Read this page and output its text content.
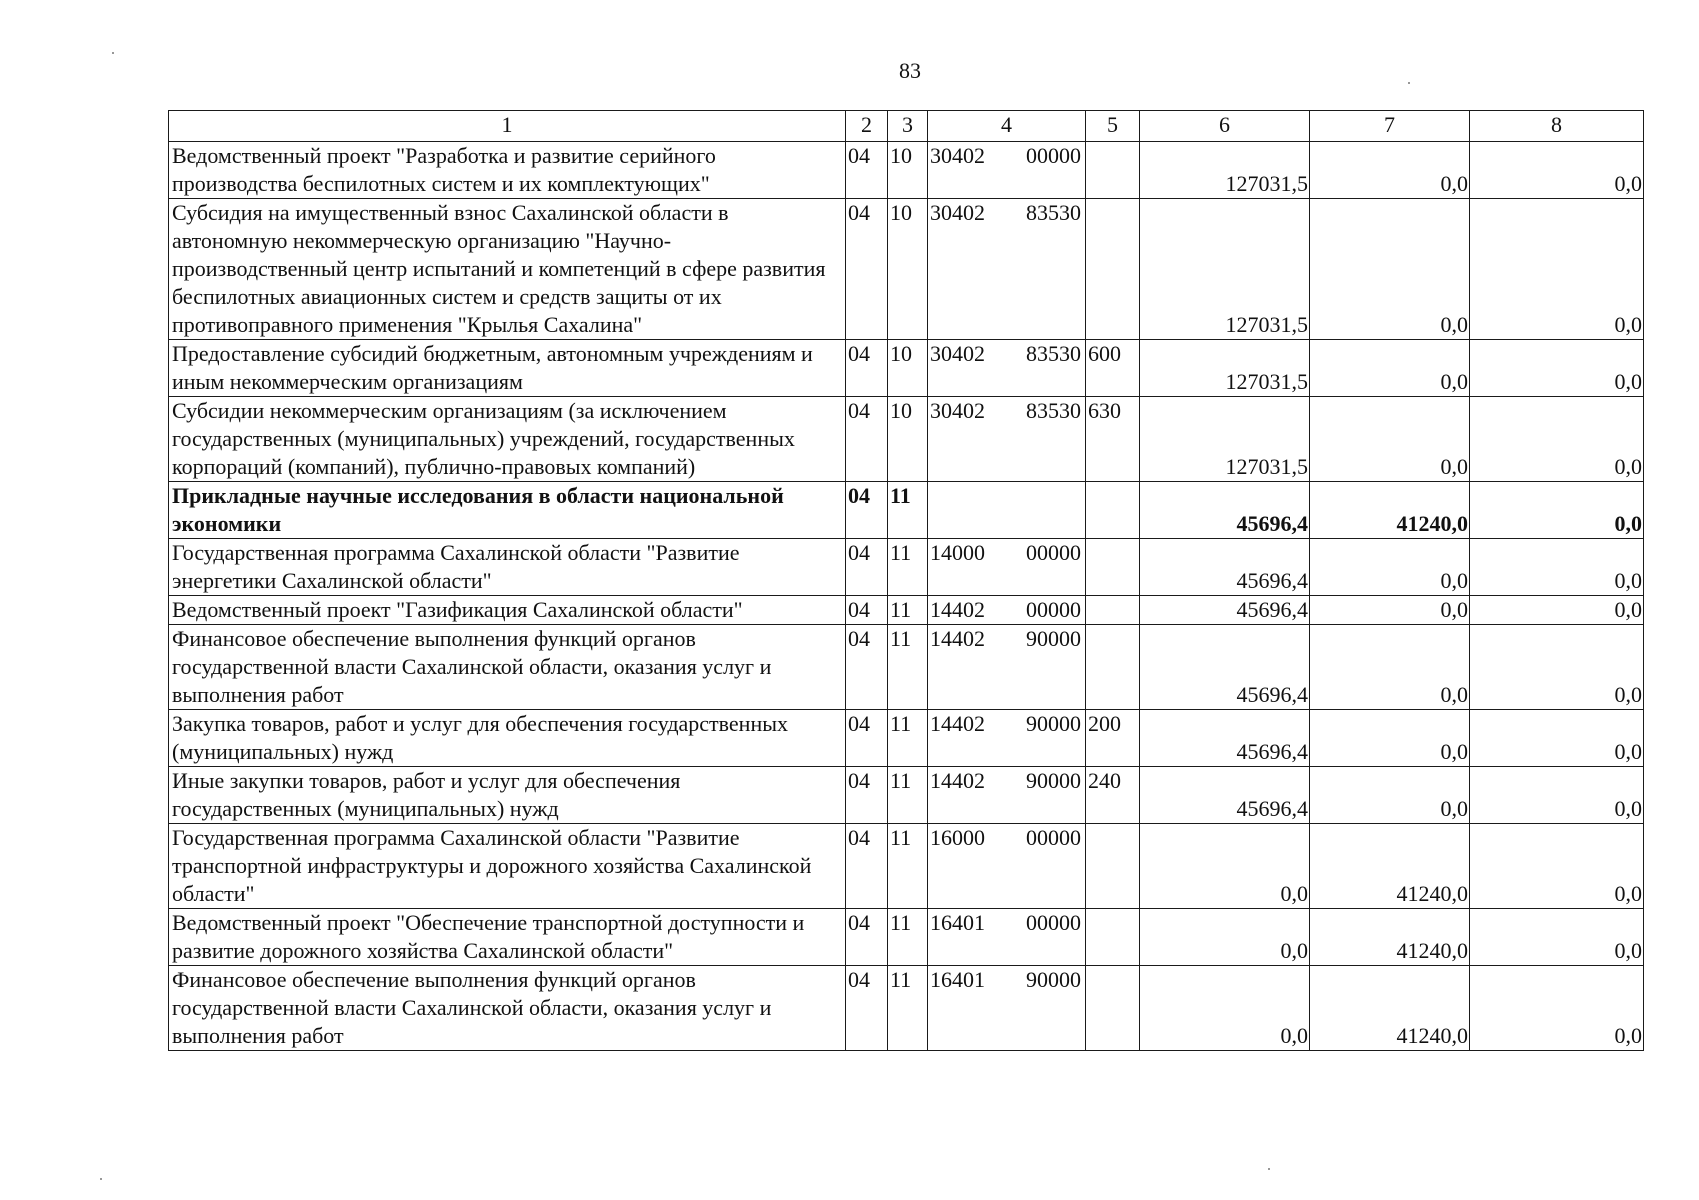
83
1	2	3	4	5	6	7	8
Ведомственный проект "Разработка и развитие серийного производства беспилотных систем и их комплектующих"	04	10	30402 00000		127031,5	0,0	0,0
Субсидия на имущественный взнос Сахалинской области в автономную некоммерческую организацию "Научно-производственный центр испытаний и компетенций в сфере развития беспилотных авиационных систем и средств защиты от их противоправного применения "Крылья Сахалина"	04	10	30402 83530		127031,5	0,0	0,0
Предоставление субсидий бюджетным, автономным учреждениям и иным некоммерческим организациям	04	10	30402 83530	600	127031,5	0,0	0,0
Субсидии некоммерческим организациям (за исключением государственных (муниципальных) учреждений, государственных корпораций (компаний), публично-правовых компаний)	04	10	30402 83530	630	127031,5	0,0	0,0
Прикладные научные исследования в области национальной экономики	04	11			45696,4	41240,0	0,0
Государственная программа Сахалинской области "Развитие энергетики Сахалинской области"	04	11	14000 00000		45696,4	0,0	0,0
Ведомственный проект "Газификация Сахалинской области"	04	11	14402 00000		45696,4	0,0	0,0
Финансовое обеспечение выполнения функций органов государственной власти Сахалинской области, оказания услуг и выполнения работ	04	11	14402 90000		45696,4	0,0	0,0
Закупка товаров, работ и услуг для обеспечения государственных (муниципальных) нужд	04	11	14402 90000	200	45696,4	0,0	0,0
Иные закупки товаров, работ и услуг для обеспечения государственных (муниципальных) нужд	04	11	14402 90000	240	45696,4	0,0	0,0
Государственная программа Сахалинской области "Развитие транспортной инфраструктуры и дорожного хозяйства Сахалинской области"	04	11	16000 00000		0,0	41240,0	0,0
Ведомственный проект "Обеспечение транспортной доступности и развитие дорожного хозяйства Сахалинской области"	04	11	16401 00000		0,0	41240,0	0,0
Финансовое обеспечение выполнения функций органов государственной власти Сахалинской области, оказания услуг и выполнения работ	04	11	16401 90000		0,0	41240,0	0,0
